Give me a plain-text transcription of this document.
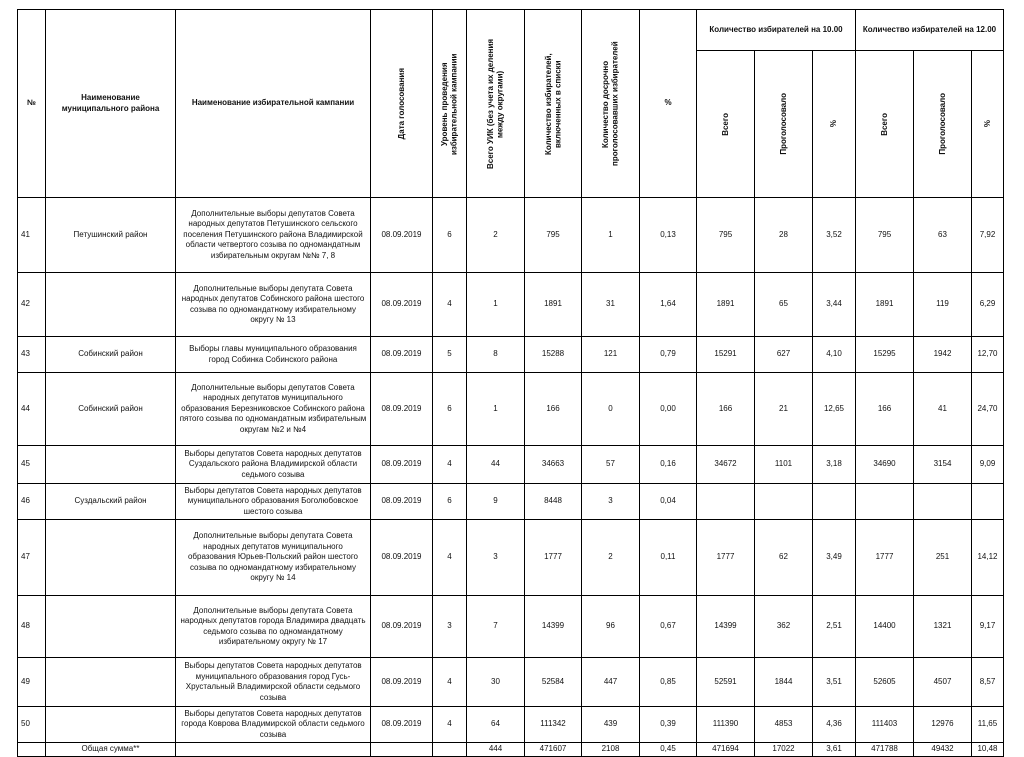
№	Наименование муниципального района	Наименование избирательной кампании	Дата голосования	Уровень проведения избирательной кампании	Всего УИК (без учета их деления между округами)	Количество избирателей, включенных в списки	Количество досрочно проголосовавших избирателей	%	Количество избирателей на 10.00			Количество избирателей на 12.00		

									Всего	Проголосовало	%	Всего	Проголосовало	%

41	Петушинский район	Дополнительные выборы депутатов Совета народных депутатов Петушинского сельского поселения Петушинского района Владимирской области четвертого созыва по одномандатным избирательным округам №№ 7, 8	08.09.2019	6	2	795	1	0,13	795	28	3,52	795	63	7,92
42		Дополнительные выборы депутата Совета народных депутатов Собинского района шестого созыва по одномандатному избирательному округу № 13	08.09.2019	4	1	1891	31	1,64	1891	65	3,44	1891	119	6,29
43	Собинский район	Выборы главы муниципального образования город Собинка Собинского района	08.09.2019	5	8	15288	121	0,79	15291	627	4,10	15295	1942	12,70
44	Собинский район	Дополнительные выборы депутатов Совета народных депутатов муниципального образования Березниковское Собинского района пятого созыва по одномандатным избирательным округам №2 и №4	08.09.2019	6	1	166	0	0,00	166	21	12,65	166	41	24,70
45		Выборы депутатов Совета народных депутатов Суздальского района Владимирской области седьмого созыва	08.09.2019	4	44	34663	57	0,16	34672	1101	3,18	34690	3154	9,09
46	Суздальский район	Выборы депутатов Совета народных депутатов муниципального образования Боголюбовское шестого созыва	08.09.2019	6	9	8448	3	0,04						
47		Дополнительные выборы депутата Совета народных депутатов муниципального образования Юрьев-Польский район шестого созыва по одномандатному избирательному округу № 14	08.09.2019	4	3	1777	2	0,11	1777	62	3,49	1777	251	14,12
48		Дополнительные выборы депутата Совета народных депутатов города Владимира двадцать седьмого созыва по одномандатному избирательному округу № 17	08.09.2019	3	7	14399	96	0,67	14399	362	2,51	14400	1321	9,17
49		Выборы депутатов Совета народных депутатов муниципального образования город Гусь-Хрустальный Владимирской области седьмого созыва	08.09.2019	4	30	52584	447	0,85	52591	1844	3,51	52605	4507	8,57
50		Выборы депутатов Совета народных депутатов города Коврова Владимирской области седьмого созыва	08.09.2019	4	64	111342	439	0,39	111390	4853	4,36	111403	12976	11,65
	Общая сумма**				444	471607	2108	0,45	471694	17022	3,61	471788	49432	10,48
